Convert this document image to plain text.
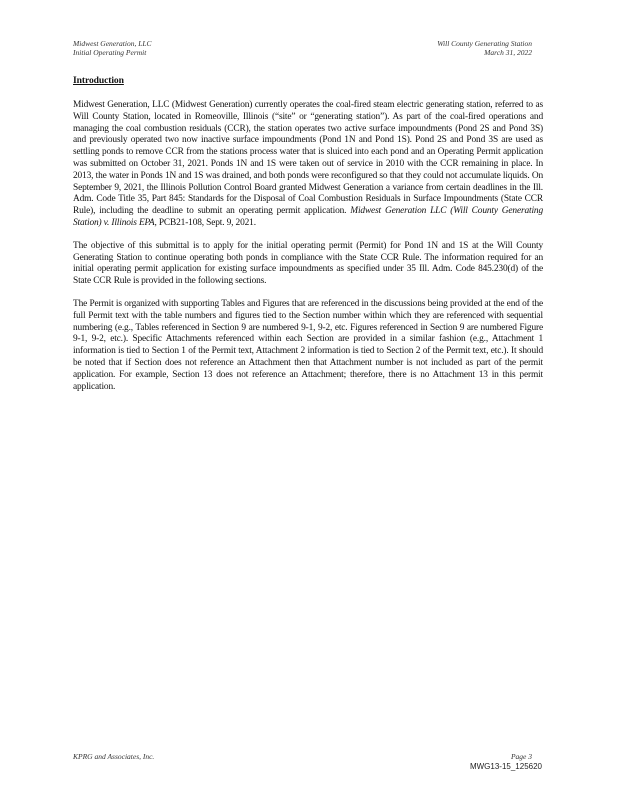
Midwest Generation, LLC
Initial Operating Permit
Will County Generating Station
March 31, 2022
Introduction

Midwest Generation, LLC (Midwest Generation) currently operates the coal-fired steam electric generating station, referred to as Will County Station, located in Romeoville, Illinois (“site” or “generating station”). As part of the coal-fired operations and managing the coal combustion residuals (CCR), the station operates two active surface impoundments (Pond 2S and Pond 3S) and previously operated two now inactive surface impoundments (Pond 1N and Pond 1S). Pond 2S and Pond 3S are used as settling ponds to remove CCR from the stations process water that is sluiced into each pond and an Operating Permit application was submitted on October 31, 2021. Ponds 1N and 1S were taken out of service in 2010 with the CCR remaining in place. In 2013, the water in Ponds 1N and 1S was drained, and both ponds were reconfigured so that they could not accumulate liquids. On September 9, 2021, the Illinois Pollution Control Board granted Midwest Generation a variance from certain deadlines in the Ill. Adm. Code Title 35, Part 845: Standards for the Disposal of Coal Combustion Residuals in Surface Impoundments (State CCR Rule), including the deadline to submit an operating permit application. Midwest Generation LLC (Will County Generating Station) v. Illinois EPA, PCB21-108, Sept. 9, 2021.

The objective of this submittal is to apply for the initial operating permit (Permit) for Pond 1N and 1S at the Will County Generating Station to continue operating both ponds in compliance with the State CCR Rule. The information required for an initial operating permit application for existing surface impoundments as specified under 35 Ill. Adm. Code 845.230(d) of the State CCR Rule is provided in the following sections.

The Permit is organized with supporting Tables and Figures that are referenced in the discussions being provided at the end of the full Permit text with the table numbers and figures tied to the Section number within which they are referenced with sequential numbering (e.g., Tables referenced in Section 9 are numbered 9-1, 9-2, etc. Figures referenced in Section 9 are numbered Figure 9-1, 9-2, etc.). Specific Attachments referenced within each Section are provided in a similar fashion (e.g., Attachment 1 information is tied to Section 1 of the Permit text, Attachment 2 information is tied to Section 2 of the Permit text, etc.). It should be noted that if Section does not reference an Attachment then that Attachment number is not included as part of the permit application. For example, Section 13 does not reference an Attachment; therefore, there is no Attachment 13 in this permit application.

KPRG and Associates, Inc.	Page 3
MWG13-15_125620
